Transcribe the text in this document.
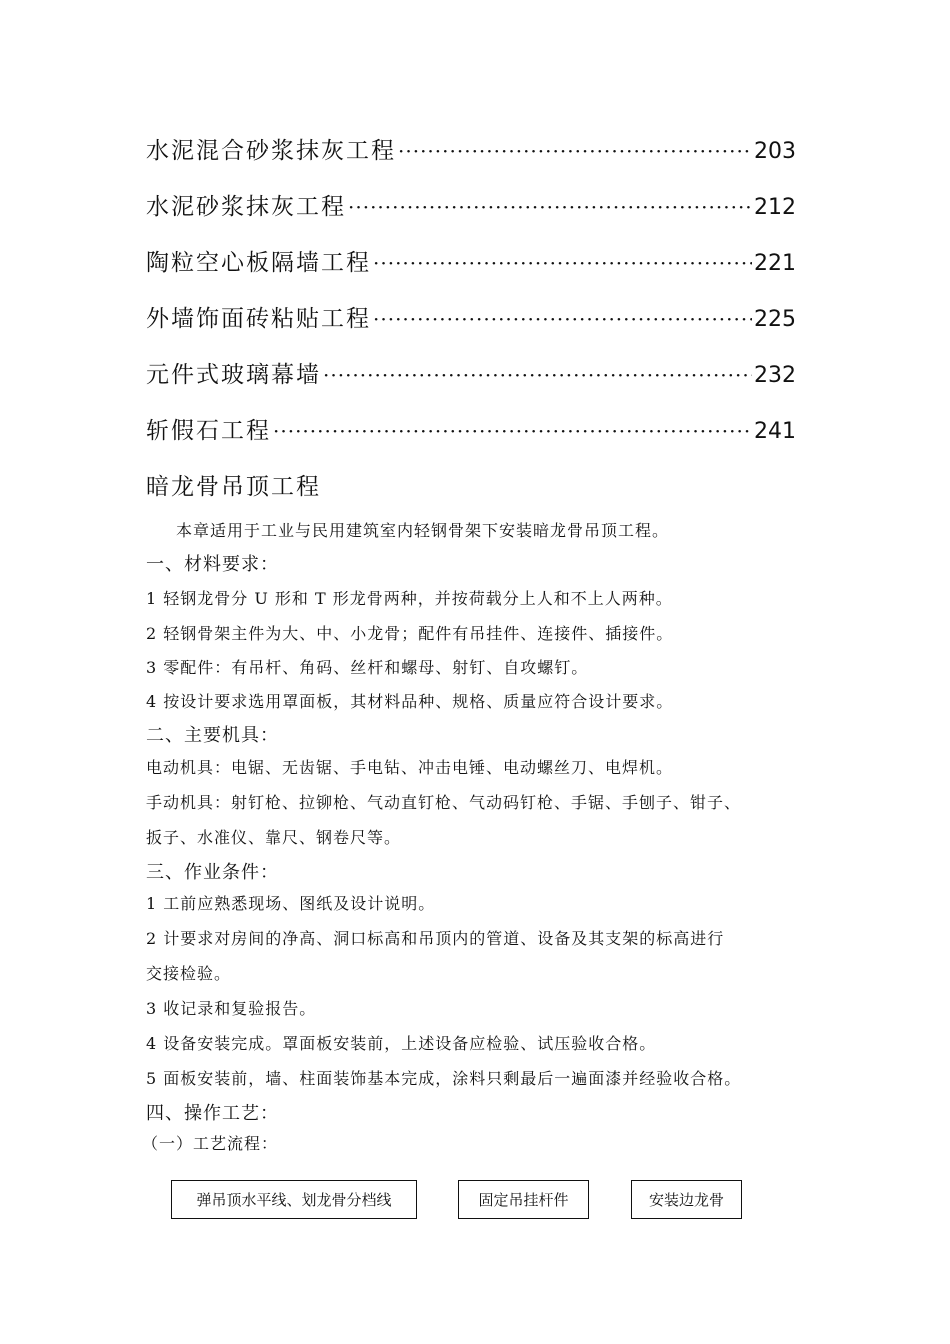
水泥混合砂浆抹灰工程 ·····	203
水泥砂浆抹灰工程 ·····	212
陶粒空心板隔墙工程 ·····	221
外墙饰面砖粘贴工程 ·····	225
元件式玻璃幕墙 ·····	232
斩假石工程 ·····	241
暗龙骨吊顶工程
本章适用于工业与民用建筑室内轻钢骨架下安装暗龙骨吊顶工程。
一、材料要求：
1 轻钢龙骨分 U 形和 T 形龙骨两种，并按荷载分上人和不上人两种。
2 轻钢骨架主件为大、中、小龙骨；配件有吊挂件、连接件、插接件。
3 零配件：有吊杆、角码、丝杆和螺母、射钉、自攻螺钉。
4 按设计要求选用罩面板，其材料品种、规格、质量应符合设计要求。
二、主要机具：
电动机具：电锯、无齿锯、手电钻、冲击电锤、电动螺丝刀、电焊机。
手动机具：射钉枪、拉铆枪、气动直钉枪、气动码钉枪、手锯、手刨子、钳子、
扳子、水准仪、靠尺、钢卷尺等。
三、作业条件：
1 工前应熟悉现场、图纸及设计说明。
2 计要求对房间的净高、洞口标高和吊顶内的管道、设备及其支架的标高进行
交接检验。
3 收记录和复验报告。
4 设备安装完成。罩面板安装前，上述设备应检验、试压验收合格。
5 面板安装前，墙、柱面装饰基本完成，涂料只剩最后一遍面漆并经验收合格。
四、操作工艺：
（一）工艺流程：
弹吊顶水平线、划龙骨分档线	固定吊挂杆件	安装边龙骨
